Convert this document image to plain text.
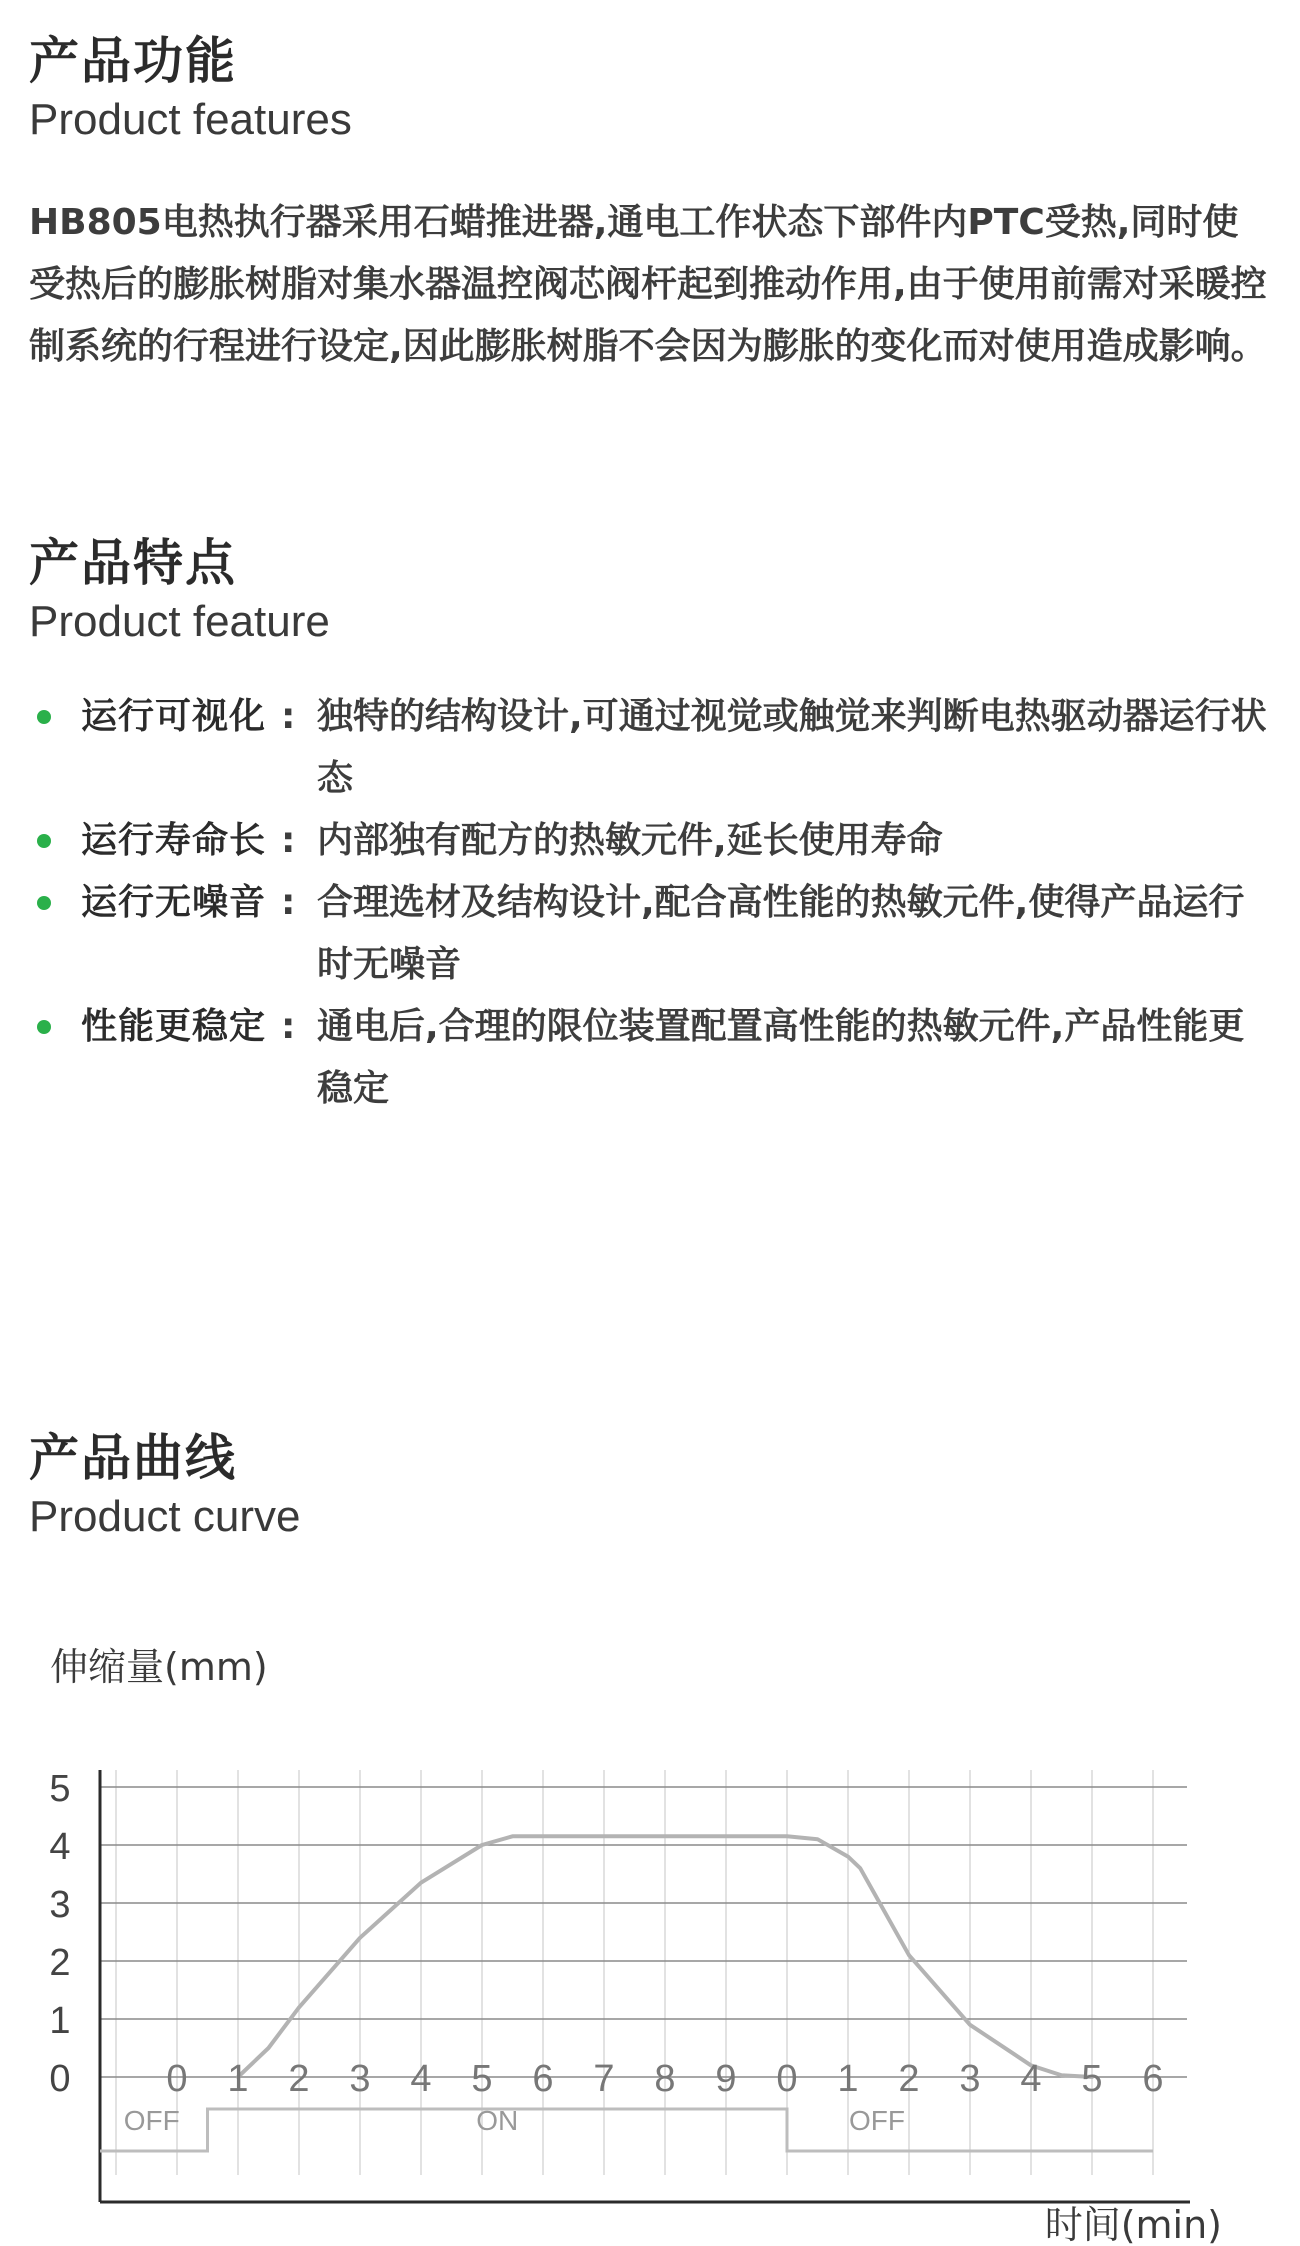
产品功能
Product features
HB805电热执行器采用石蜡推进器,通电工作状态下部件内PTC受热,同时使受热后的膨胀树脂对集水器温控阀芯阀杆起到推动作用,由于使用前需对采暖控制系统的行程进行设定,因此膨胀树脂不会因为膨胀的变化而对使用造成影响。
产品特点
Product feature
运行可视化 : 独特的结构设计,可通过视觉或触觉来判断电热驱动器运行状态
运行寿命长 : 内部独有配方的热敏元件,延长使用寿命
运行无噪音 : 合理选材及结构设计,配合高性能的热敏元件,使得产品运行时无噪音
性能更稳定 : 通电后,合理的限位装置配置高性能的热敏元件,产品性能更稳定
产品曲线
Product curve
OFF	ON	OFF
0
1
2
3
4
5
0 1 2 3 4 5 6 7 8 9 0 1 2 3 4 5 6
伸缩量(mm)
时间(min)
